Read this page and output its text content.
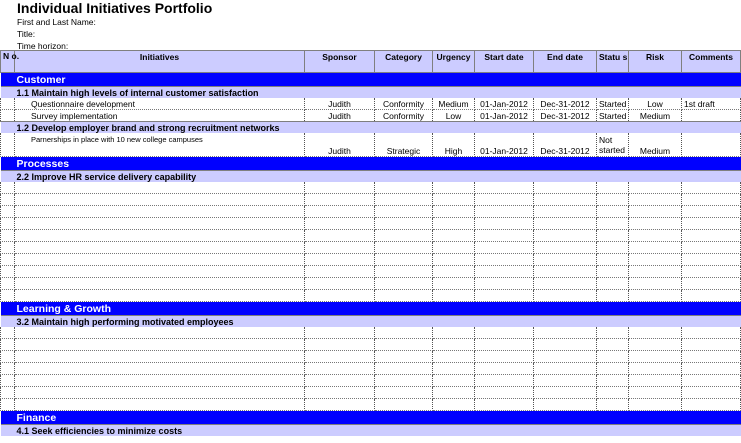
Individual Initiatives Portfolio
First and Last Name:
Title:
Time horizon:
N o.	Initiatives	Sponsor	Category	Urgency	Start date	End date	Statu s	Risk	Comments
Customer									
1.1 Maintain high levels of internal customer satisfaction									
	Questionnaire development	Judith	Conformity	Medium	01-Jan-2012	Dec-31-2012	Started	Low	1st draft
	Survey implementation	Judith	Conformity	Low	01-Jan-2012	Dec-31-2012	Started	Medium	
1.2 Develop employer brand and strong recruitment networks									
	Parnerships in place with 10 new college campuses	Judith	Strategic	High	01-Jan-2012	Dec-31-2012	Not started	Medium	
Processes									
2.2 Improve HR service delivery capability									

Learning & Growth									
3.2 Maintain high performing motivated employees									

Finance									
4.1 Seek efficiencies to minimize costs									
